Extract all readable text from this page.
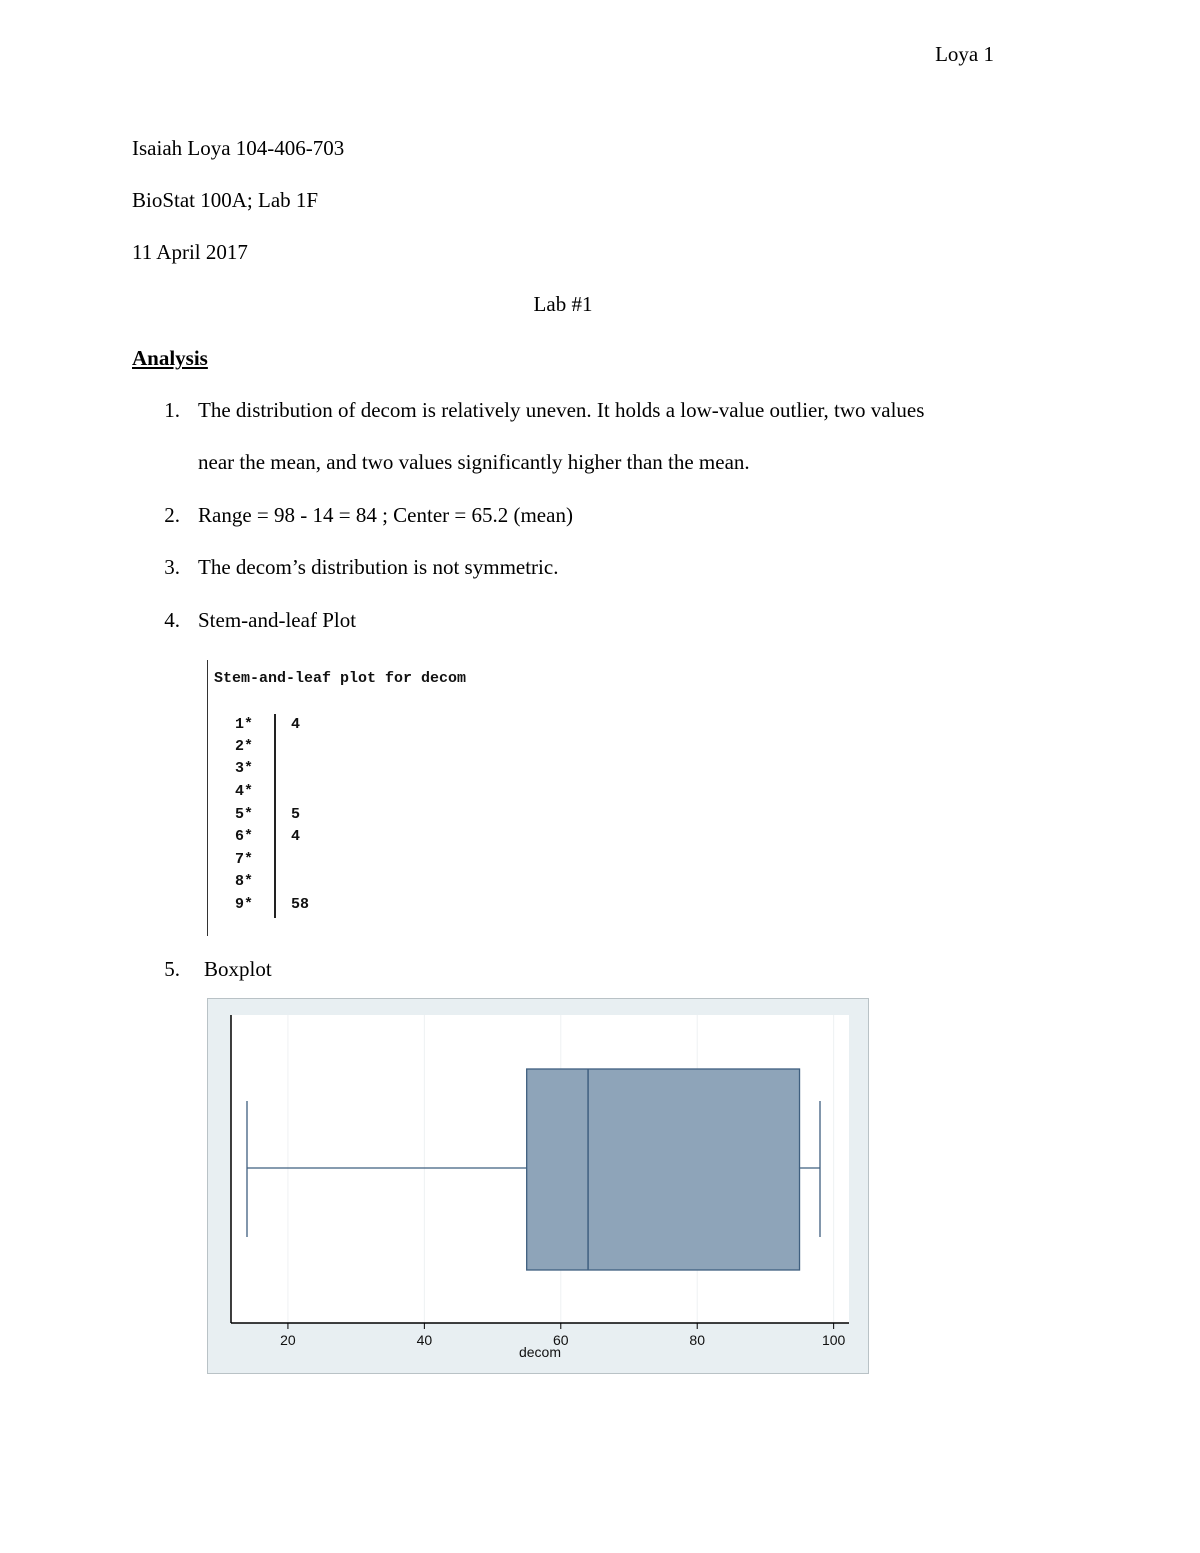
Loya 1
Isaiah Loya 104-406-703
BioStat 100A; Lab 1F
11 April 2017
Lab #1
Analysis
1. The distribution of decom is relatively uneven. It holds a low-value outlier, two values
near the mean, and two values significantly higher than the mean.
2. Range = 98 - 14 = 84 ; Center = 65.2 (mean)
3. The decom’s distribution is not symmetric.
4. Stem-and-leaf Plot
Stem-and-leaf plot for decom
1*	4
2*
3*
4*
5*	5
6*	4
7*
8*
9*	58
5. Boxplot
20	40	60	80	100
decom
